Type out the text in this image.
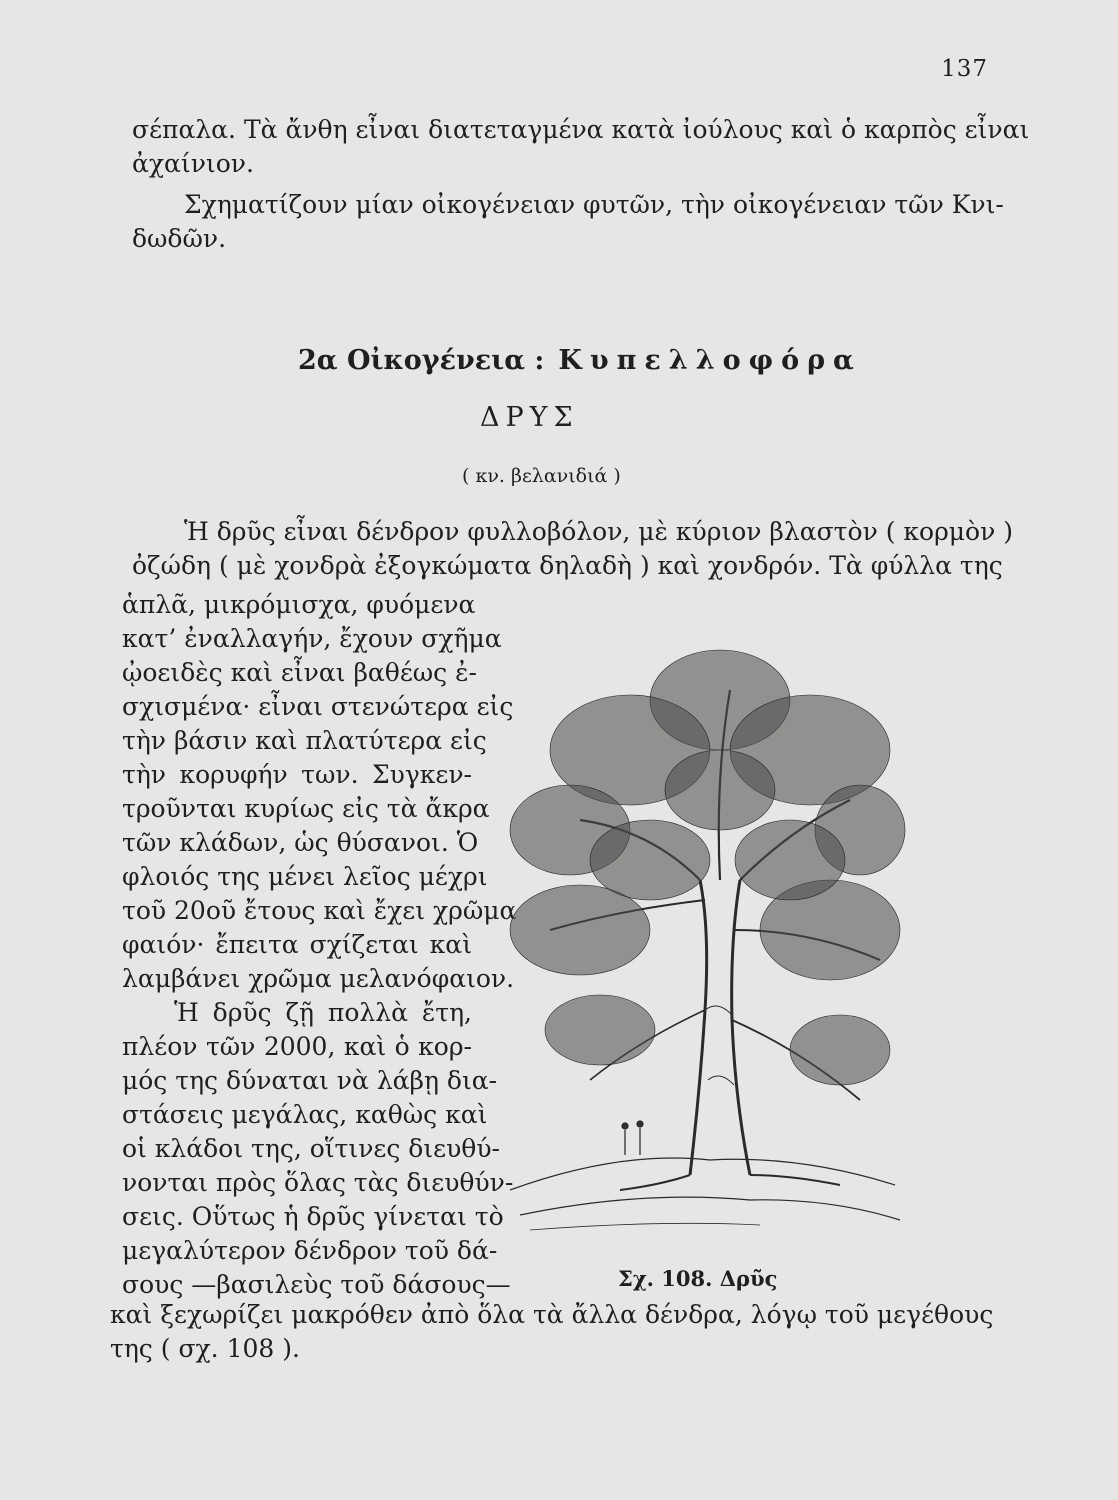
137
σέπαλα. Τὰ ἄνθη εἶναι διατεταγμένα κατὰ ἰούλους καὶ ὁ καρπὸς εἶναι
ἀχαίνιον.
Σχηματίζουν μίαν οἰκογένειαν φυτῶν, τὴν οἰκογένειαν τῶν Κνι-
δωδῶν.
2α Οἰκογένεια : Κυπελλοφόρα
ΔΡΥΣ
( κν. βελανιδιά )
Ἡ δρῦς εἶναι δένδρον φυλλοβόλον, μὲ κύριον βλαστὸν ( κορμὸν )
ὀζώδη ( μὲ χονδρὰ ἐξογκώματα δηλαδὴ ) καὶ χονδρόν. Τὰ φύλλα της
ἁπλᾶ, μικρόμισχα, φυόμενα
κατ’ ἐναλλαγήν, ἔχουν σχῆμα
ᾠοειδὲς καὶ εἶναι βαθέως ἐ-
σχισμένα· εἶναι στενώτερα εἰς
τὴν βάσιν καὶ πλατύτερα εἰς
τὴν κορυφήν των. Συγκεν-
τροῦνται κυρίως εἰς τὰ ἄκρα
τῶν κλάδων, ὡς θύσανοι. Ὁ
φλοιός της μένει λεῖος μέχρι
τοῦ 20οῦ ἔτους καὶ ἔχει χρῶμα
φαιόν· ἔπειτα σχίζεται καὶ
λαμβάνει χρῶμα μελανόφαιον.
Ἡ δρῦς ζῇ πολλὰ ἔτη,
πλέον τῶν 2000, καὶ ὁ κορ-
μός της δύναται νὰ λάβῃ δια-
στάσεις μεγάλας, καθὼς καὶ
οἱ κλάδοι της, οἵτινες διευθύ-
νονται πρὸς ὅλας τὰς διευθύν-
σεις. Οὕτως ἡ δρῦς γίνεται τὸ
μεγαλύτερον δένδρον τοῦ δά-
σους —βασιλεὺς τοῦ δάσους—	Σχ. 108. Δρῦς
καὶ ξεχωρίζει μακρόθεν ἀπὸ ὅλα τὰ ἄλλα δένδρα, λόγῳ τοῦ μεγέθους
της ( σχ. 108 ).
